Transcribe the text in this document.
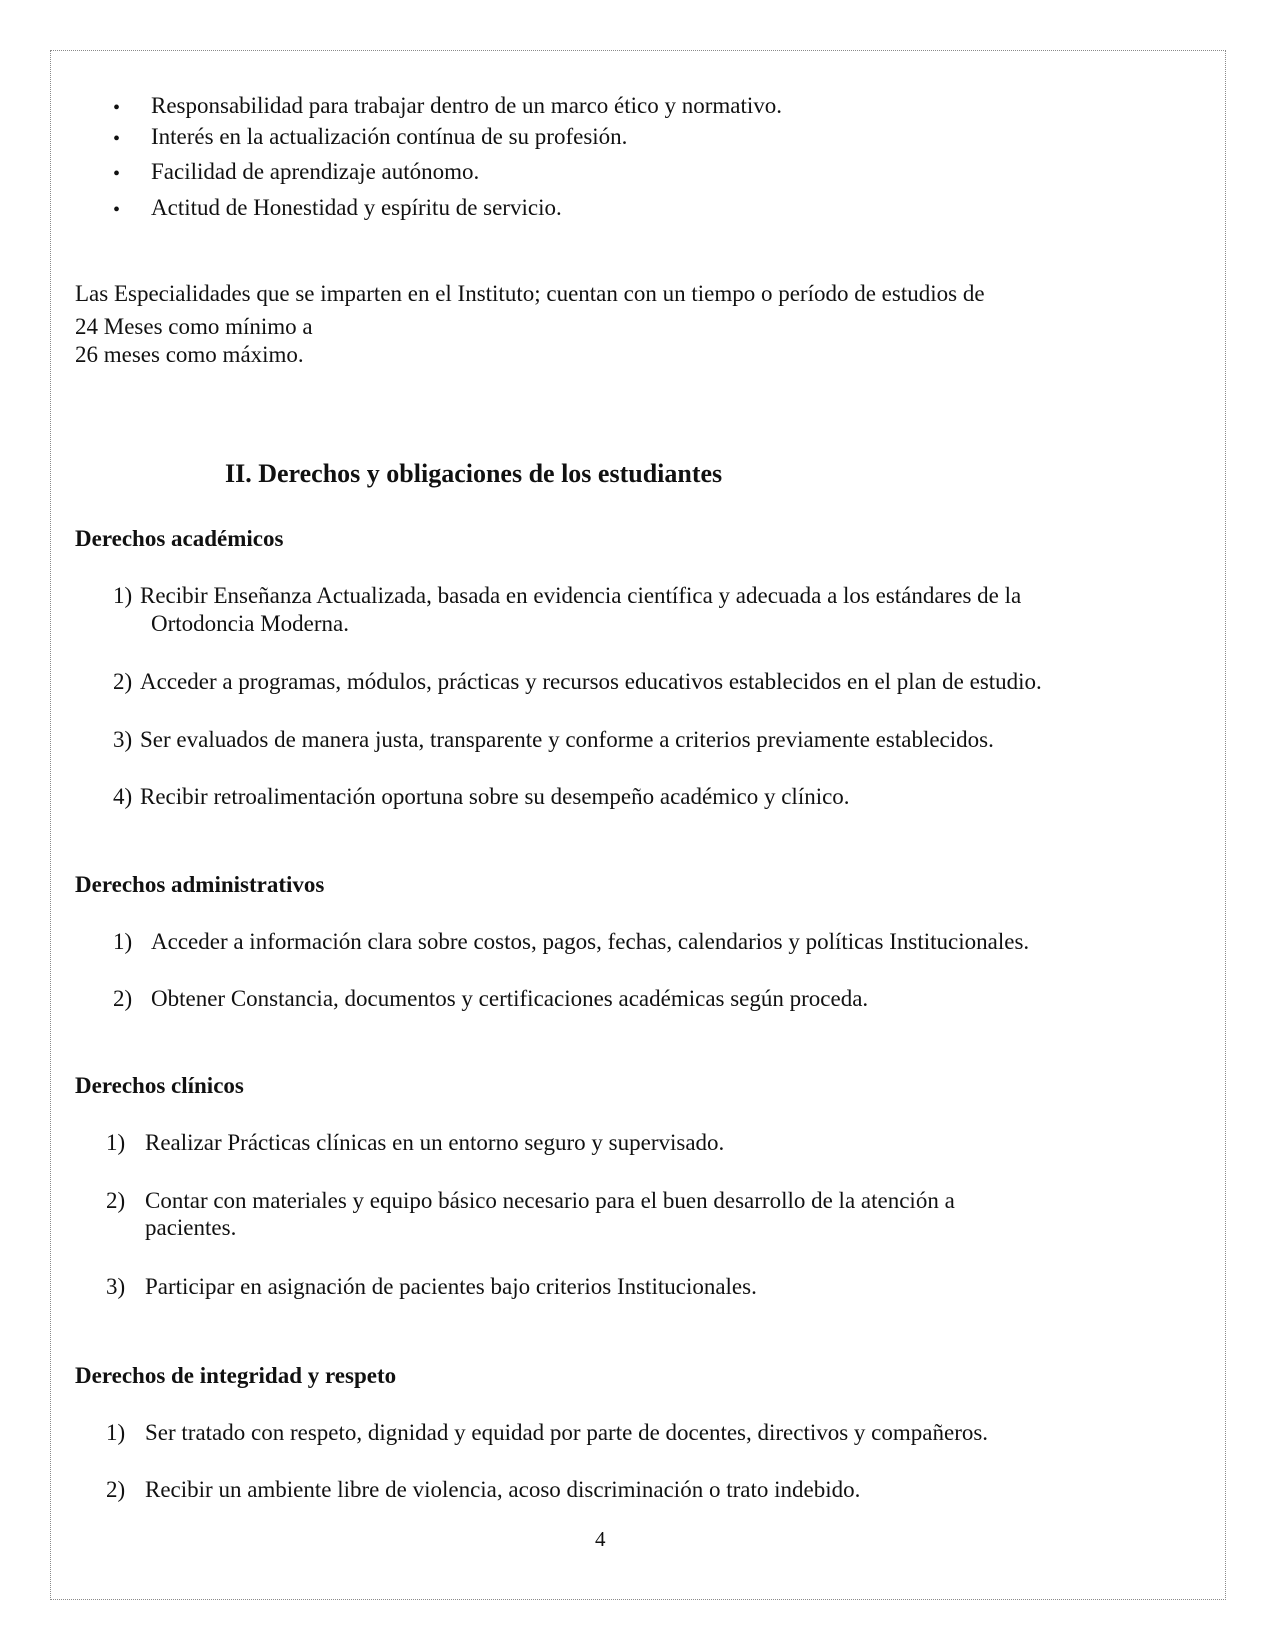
• Responsabilidad para trabajar dentro de un marco ético y normativo.
• Interés en la actualización contínua de su profesión.
• Facilidad de aprendizaje autónomo.
• Actitud de Honestidad y espíritu de servicio.
Las Especialidades que se imparten en el Instituto; cuentan con un tiempo o período de estudios de
24 Meses como mínimo a
26 meses como máximo.
II. Derechos y obligaciones de los estudiantes
Derechos académicos
1) Recibir Enseñanza Actualizada, basada en evidencia científica y adecuada a los estándares de la
Ortodoncia Moderna.
2) Acceder a programas, módulos, prácticas y recursos educativos establecidos en el plan de estudio.
3) Ser evaluados de manera justa, transparente y conforme a criterios previamente establecidos.
4) Recibir retroalimentación oportuna sobre su desempeño académico y clínico.
Derechos administrativos
1) Acceder a información clara sobre costos, pagos, fechas, calendarios y políticas Institucionales.
2) Obtener Constancia, documentos y certificaciones académicas según proceda.
Derechos clínicos
1) Realizar Prácticas clínicas en un entorno seguro y supervisado.
2) Contar con materiales y equipo básico necesario para el buen desarrollo de la atención a
pacientes.
3) Participar en asignación de pacientes bajo criterios Institucionales.
Derechos de integridad y respeto
1) Ser tratado con respeto, dignidad y equidad por parte de docentes, directivos y compañeros.
2) Recibir un ambiente libre de violencia, acoso discriminación o trato indebido.
4
